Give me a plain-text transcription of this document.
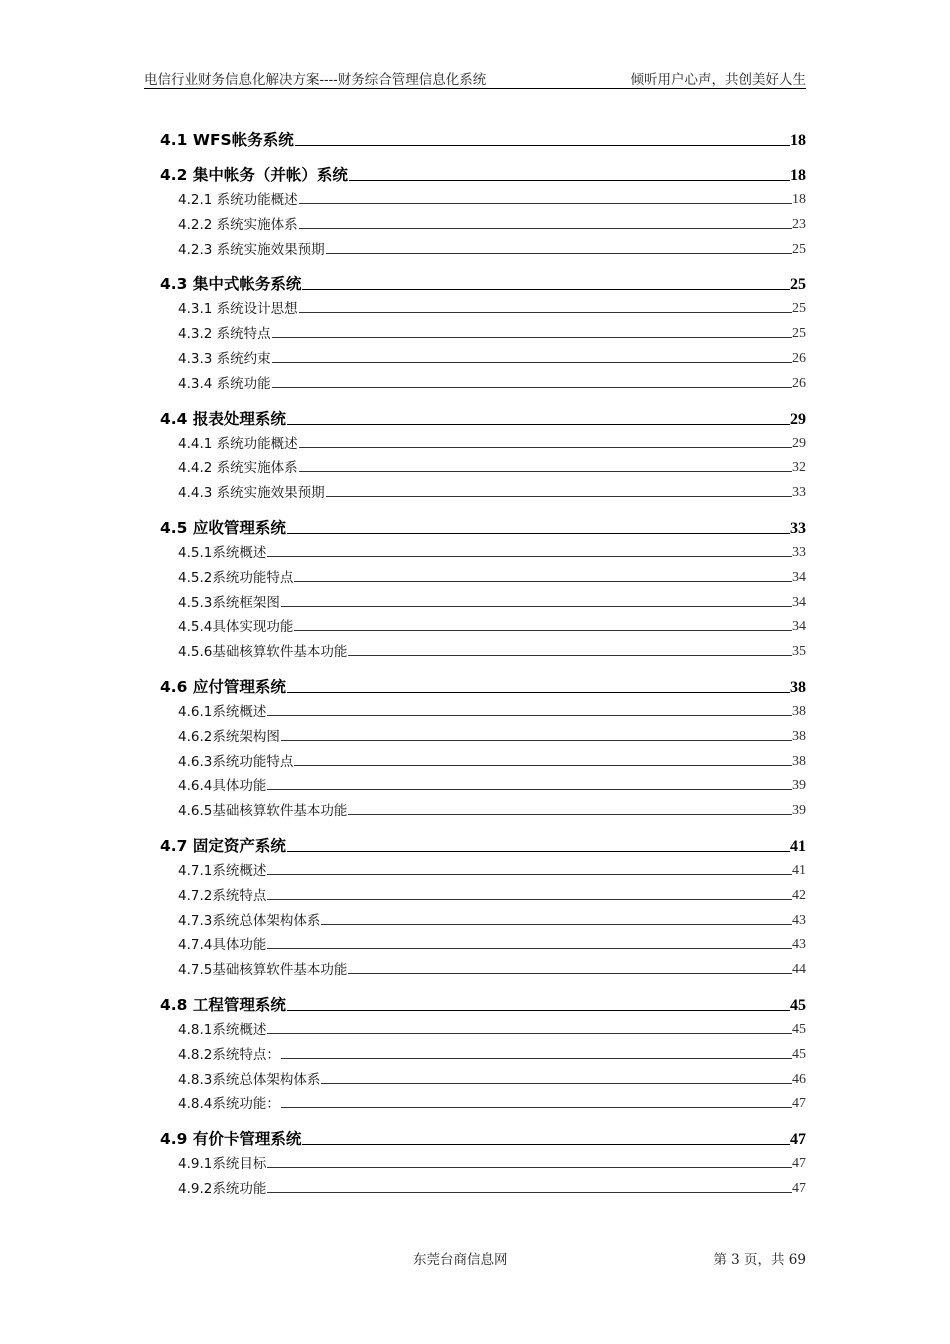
电信行业财务信息化解决方案----财务综合管理信息化系统	倾听用户心声，共创美好人生
4.1 WFS帐务系统	18
4.2 集中帐务（并帐）系统	18
4.2.1 系统功能概述	18
4.2.2 系统实施体系	23
4.2.3 系统实施效果预期	25
4.3 集中式帐务系统	25
4.3.1 系统设计思想	25
4.3.2 系统特点	25
4.3.3 系统约束	26
4.3.4 系统功能	26
4.4 报表处理系统	29
4.4.1 系统功能概述	29
4.4.2 系统实施体系	32
4.4.3 系统实施效果预期	33
4.5 应收管理系统	33
4.5.1系统概述	33
4.5.2系统功能特点	34
4.5.3系统框架图	34
4.5.4具体实现功能	34
4.5.6基础核算软件基本功能	35
4.6 应付管理系统	38
4.6.1系统概述	38
4.6.2系统架构图	38
4.6.3系统功能特点	38
4.6.4具体功能	39
4.6.5基础核算软件基本功能	39
4.7 固定资产系统	41
4.7.1系统概述	41
4.7.2系统特点	42
4.7.3系统总体架构体系	43
4.7.4具体功能	43
4.7.5基础核算软件基本功能	44
4.8 工程管理系统	45
4.8.1系统概述	45
4.8.2系统特点：	45
4.8.3系统总体架构体系	46
4.8.4系统功能：	47
4.9 有价卡管理系统	47
4.9.1系统目标	47
4.9.2系统功能	47
东莞台商信息网	第 3 页，共 69
